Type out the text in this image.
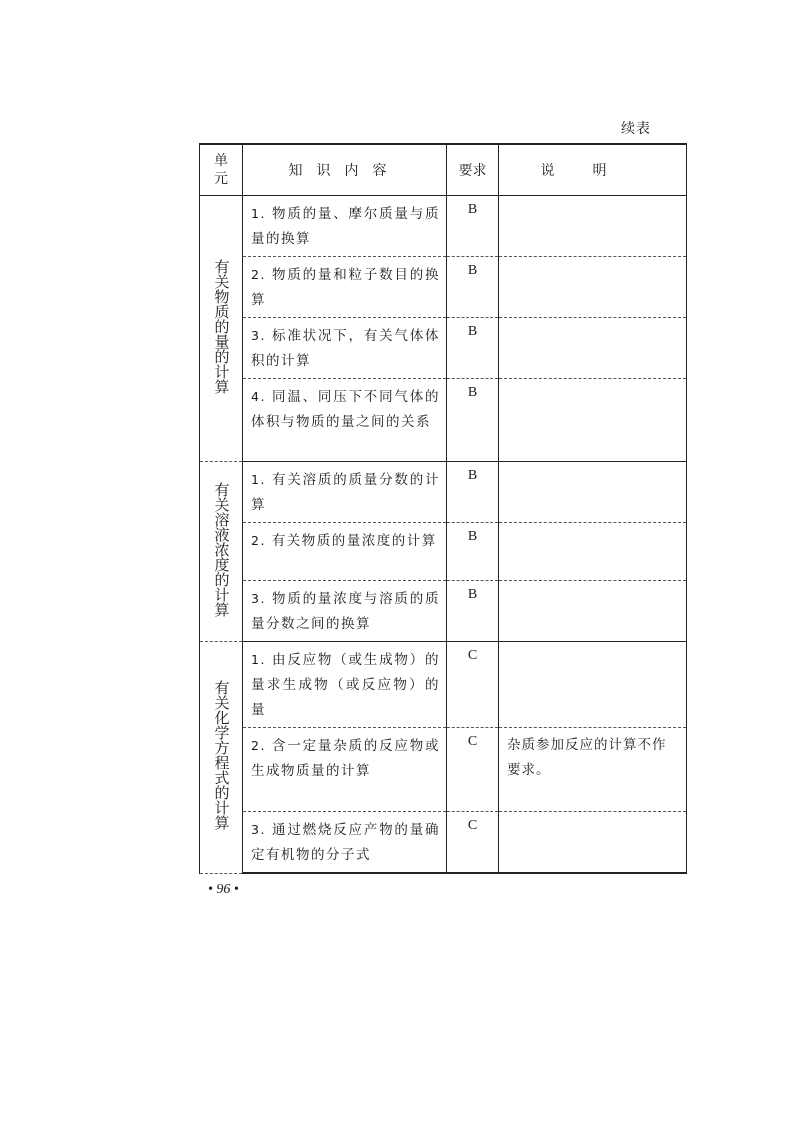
续表
单元	知识内容	要求	说明
有关物质的量的计算	1. 物质的量、摩尔质量与质量的换算	B	
	2. 物质的量和粒子数目的换算	B	
	3. 标准状况下，有关气体体积的计算	B	
	4. 同温、同压下不同气体的体积与物质的量之间的关系	B	
有关溶液浓度的计算	1. 有关溶质的质量分数的计算	B	
	2. 有关物质的量浓度的计算	B	
	3. 物质的量浓度与溶质的质量分数之间的换算	B	
有关化学方程式的计算	1. 由反应物（或生成物）的量求生成物（或反应物）的量	C	
	2. 含一定量杂质的反应物或生成物质量的计算	C	杂质参加反应的计算不作要求。
	3. 通过燃烧反应产物的量确定有机物的分子式	C	
• 96 •
